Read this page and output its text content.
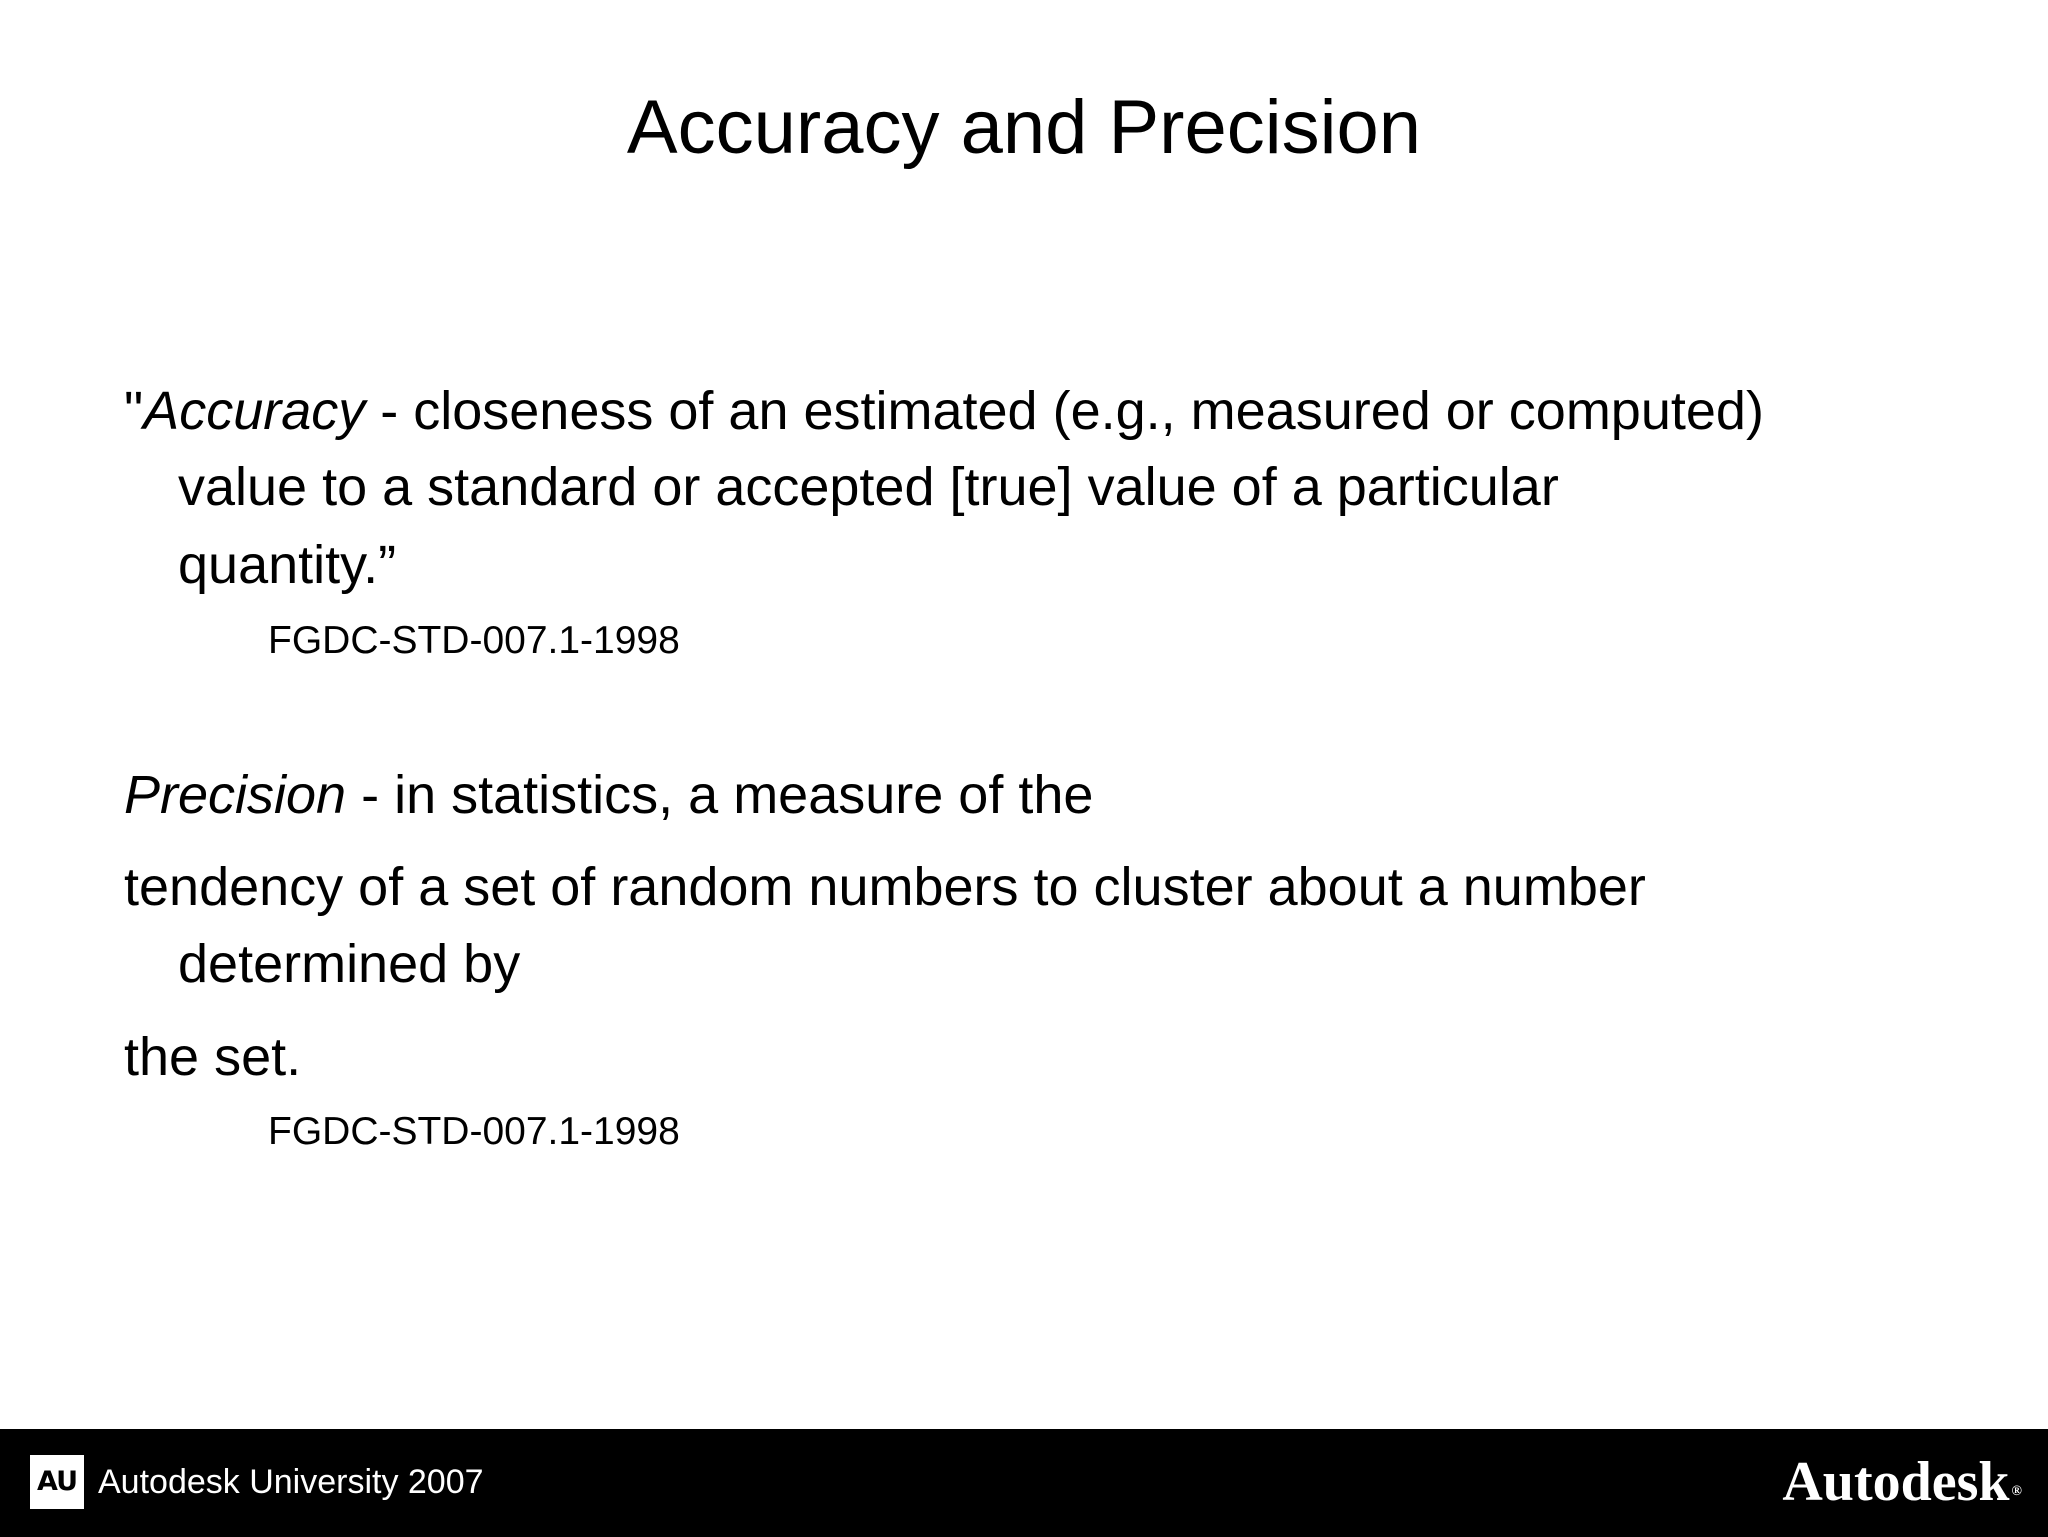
Accuracy and Precision
"Accuracy - closeness of an estimated (e.g., measured or computed)
value to a standard or accepted [true] value of a particular
quantity.”
FGDC-STD-007.1-1998
Precision - in statistics, a measure of the
tendency of a set of random numbers to cluster about a number
determined by
the set.
FGDC-STD-007.1-1998
AU Autodesk University 2007	Autodesk ®
